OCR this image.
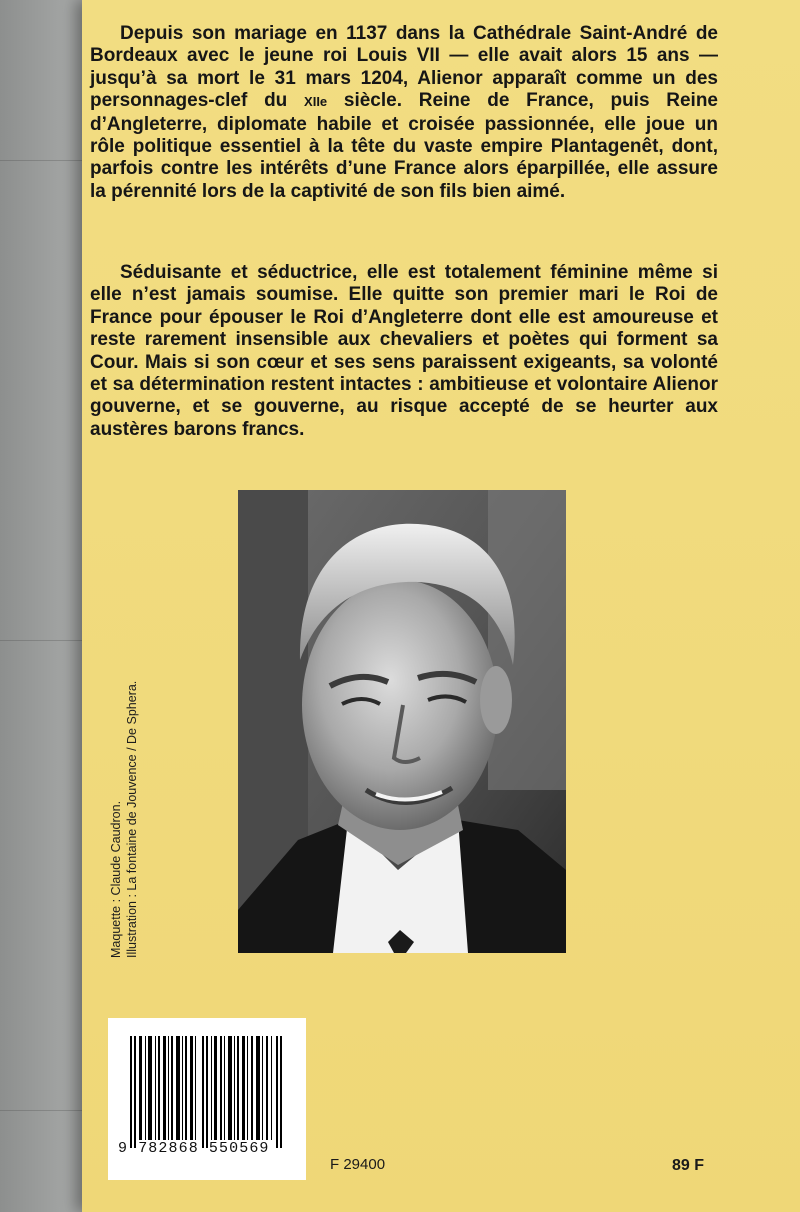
Depuis son mariage en 1137 dans la Cathédrale Saint-André de Bordeaux avec le jeune roi Louis VII — elle avait alors 15 ans — jusqu’à sa mort le 31 mars 1204, Alienor apparaît comme un des personnages-clef du XIIe siècle. Reine de France, puis Reine d’Angleterre, diplomate habile et croisée passionnée, elle joue un rôle politique essentiel à la tête du vaste empire Plantagenêt, dont, parfois contre les intérêts d’une France alors éparpillée, elle assure la pérennité lors de la captivité de son fils bien aimé.

Séduisante et séductrice, elle est totalement féminine même si elle n’est jamais soumise. Elle quitte son premier mari le Roi de France pour épouser le Roi d’Angleterre dont elle est amoureuse et reste rarement insensible aux chevaliers et poètes qui forment sa Cour. Mais si son cœur et ses sens paraissent exigeants, sa volonté et sa détermination restent intactes : ambitieuse et volontaire Alienor gouverne, et se gouverne, au risque accepté de se heurter aux austères barons francs.

Maquette : Claude Caudron. Illustration : La fontaine de Jouvence / De Sphera.
9 782868 550569
F 29400	89 F
